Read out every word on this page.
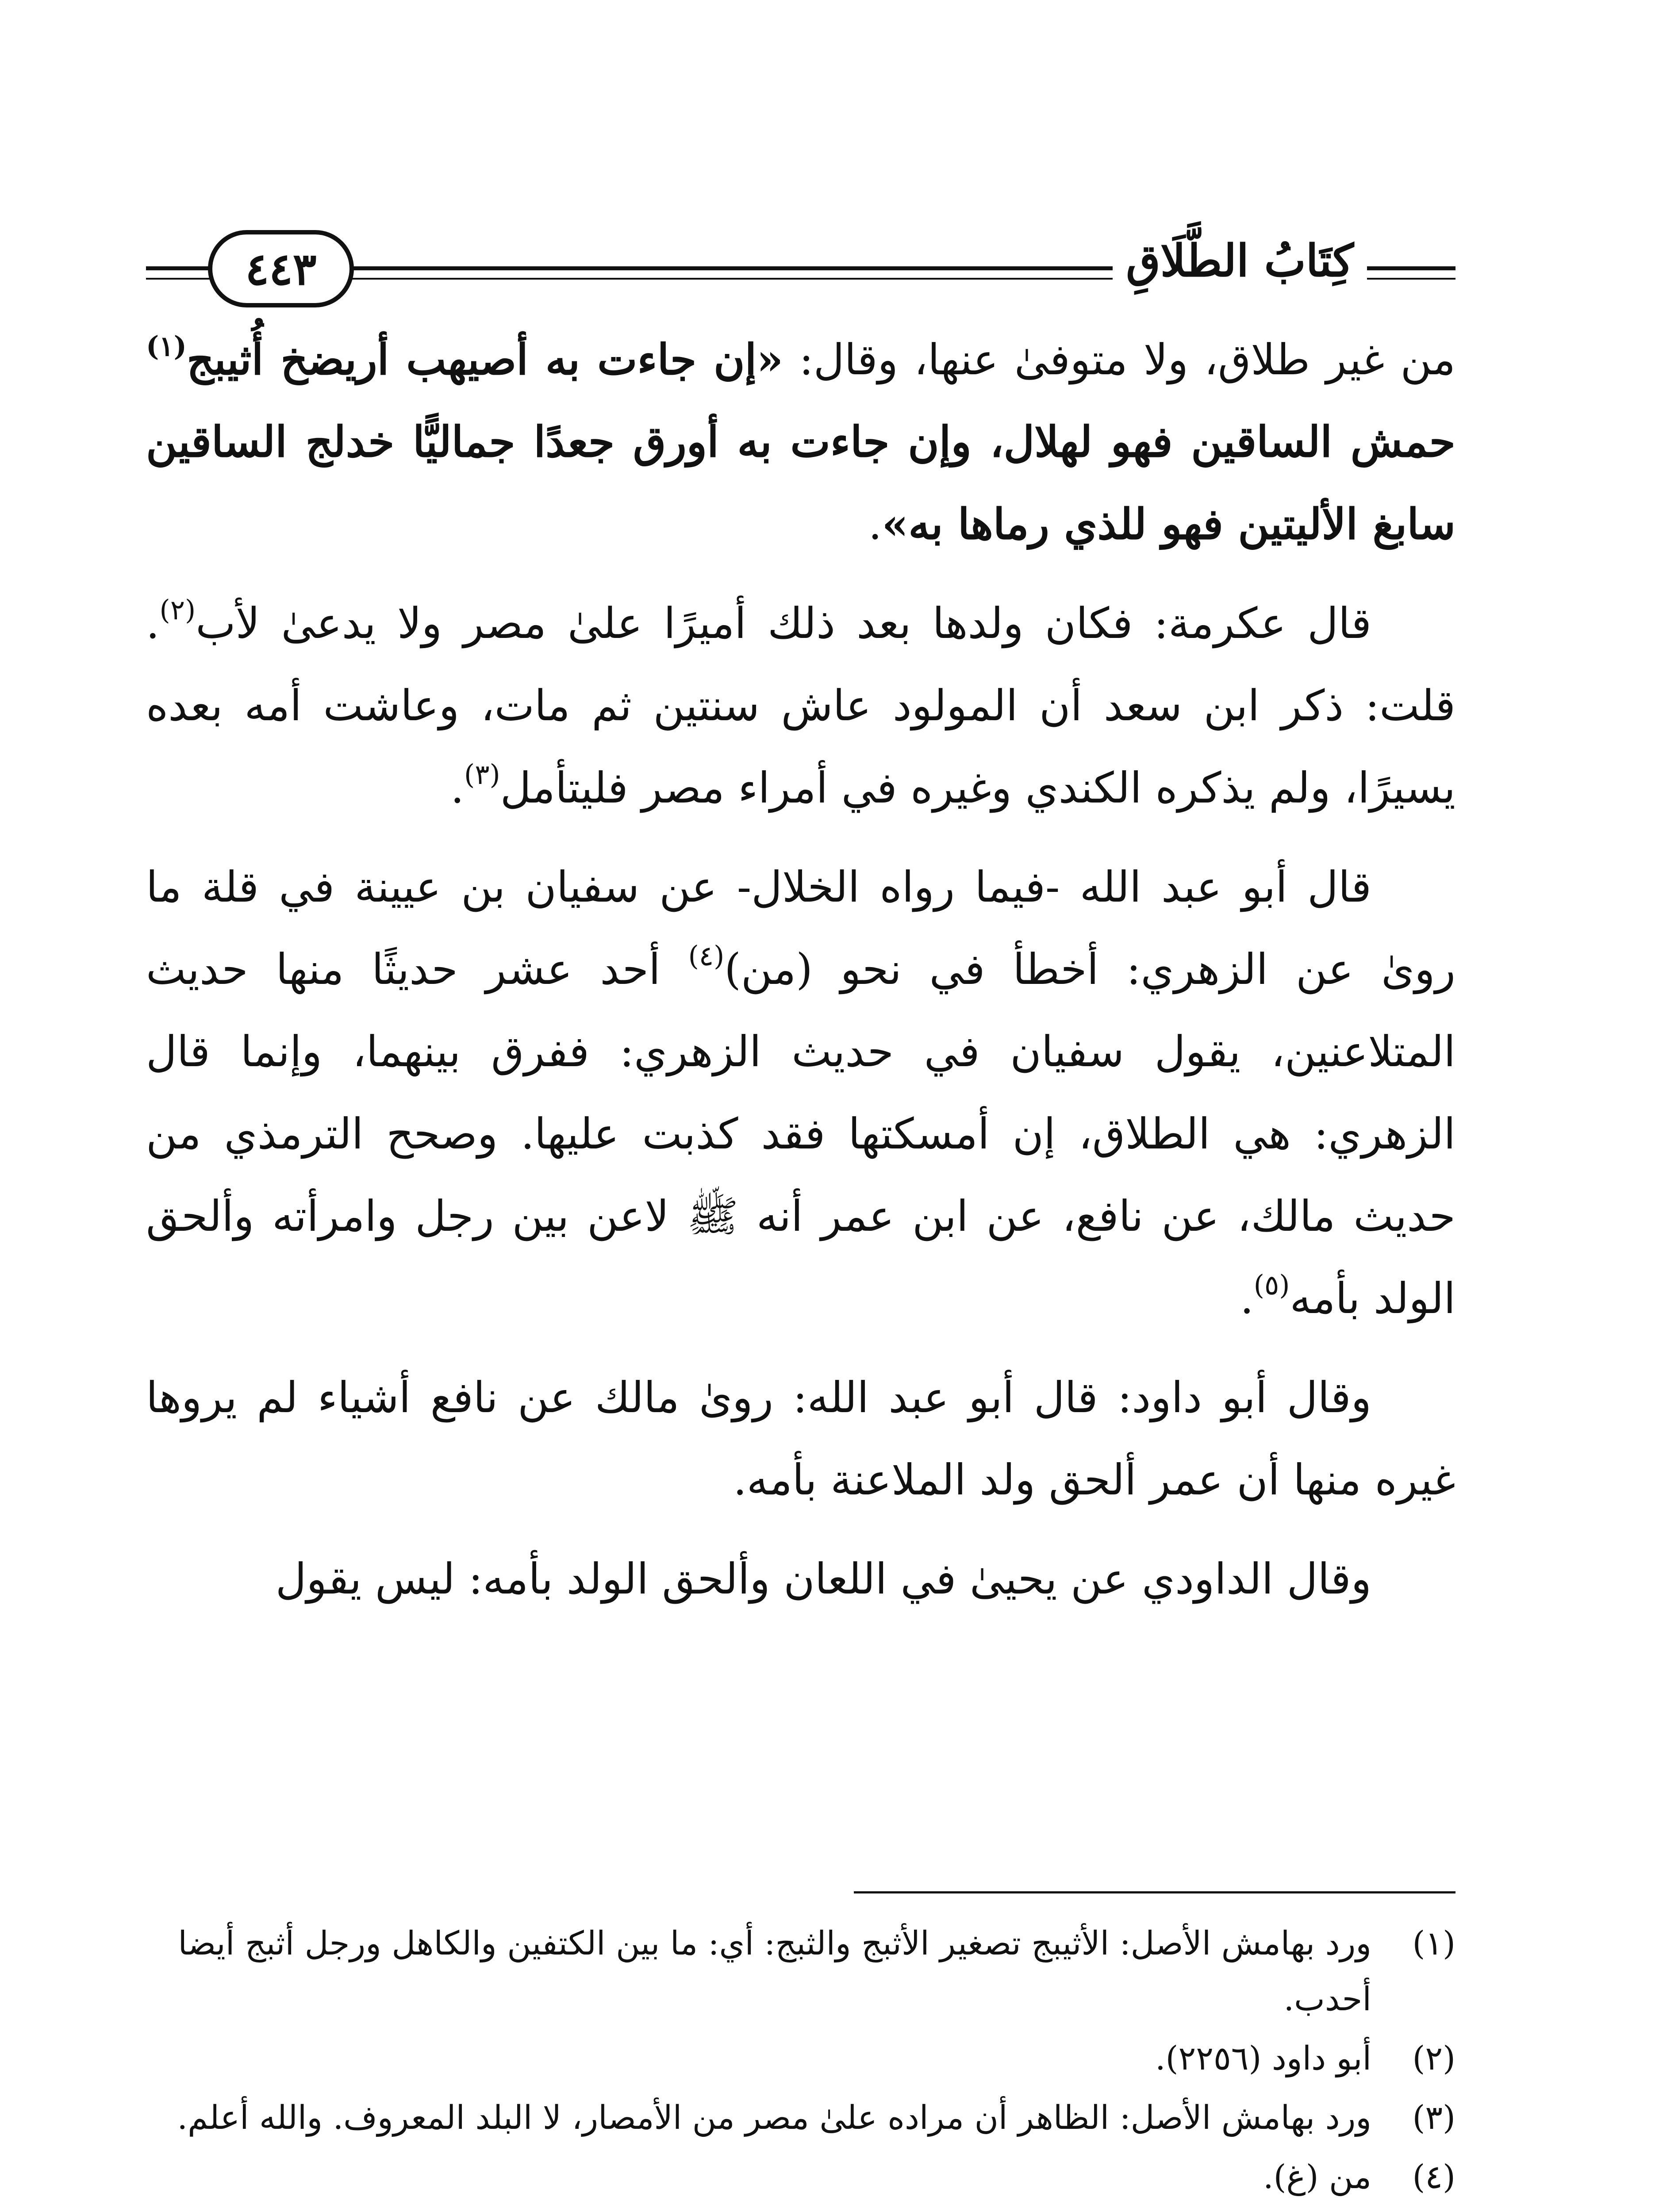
كِتَابُ الطَّلَاقِ
٤٤٣

من غير طلاق، ولا متوفىٰ عنها، وقال: «إن جاءت به أصيهب أريضخ أُثيبج$^{(١)}$ حمش الساقين فهو لهلال، وإن جاءت به أورق جعدًا جماليًّا خدلج الساقين سابغ الأليتين فهو للذي رماها به».

قال عكرمة: فكان ولدها بعد ذلك أميرًا علىٰ مصر ولا يدعىٰ لأب$^{(٢)}$. قلت: ذكر ابن سعد أن المولود عاش سنتين ثم مات، وعاشت أمه بعده يسيرًا، ولم يذكره الكندي وغيره في أمراء مصر فليتأمل$^{(٣)}$.

قال أبو عبد الله -فيما رواه الخلال- عن سفيان بن عيينة في قلة ما روىٰ عن الزهري: أخطأ في نحو (من)$^{(٤)}$ أحد عشر حديثًا منها حديث المتلاعنين، يقول سفيان في حديث الزهري: ففرق بينهما، وإنما قال الزهري: هي الطلاق، إن أمسكتها فقد كذبت عليها. وصحح الترمذي من حديث مالك، عن نافع، عن ابن عمر أنه ﷺ لاعن بين رجل وامرأته وألحق الولد بأمه$^{(٥)}$.

وقال أبو داود: قال أبو عبد الله: روىٰ مالك عن نافع أشياء لم يروها غيره منها أن عمر ألحق ولد الملاعنة بأمه.

وقال الداودي عن يحيىٰ في اللعان وألحق الولد بأمه: ليس يقول

(١)
ورد بهامش الأصل: الأثيبج تصغير الأثبج والثبج: أي: ما بين الكتفين والكاهل ورجل أثبج أيضا أحدب.
(٢)
أبو داود (٢٢٥٦).
(٣)
ورد بهامش الأصل: الظاهر أن مراده علىٰ مصر من الأمصار، لا البلد المعروف. والله أعلم.
(٤)
من (غ).
